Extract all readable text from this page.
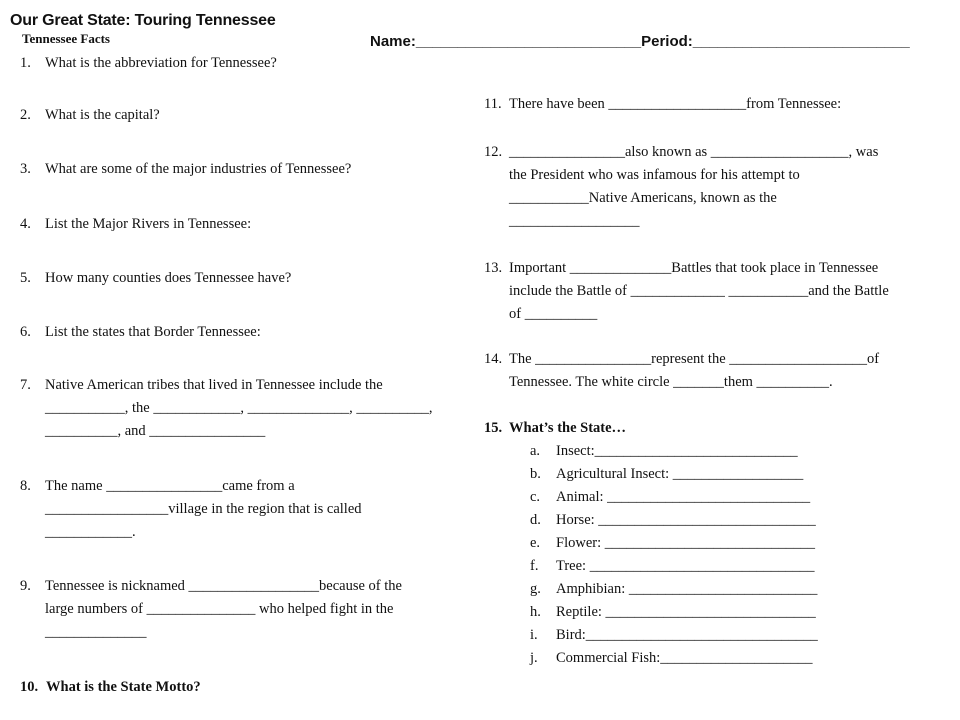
Our Great State: Touring Tennessee
Tennessee Facts	Name:___________________________Period:__________________________
1. What is the abbreviation for Tennessee?
2. What is the capital?
3. What are some of the major industries of Tennessee?
4. List the Major Rivers in Tennessee:
5. How many counties does Tennessee have?
6. List the states that Border Tennessee:
7. Native American tribes that lived in Tennessee include the
___________, the ____________, ______________, __________,
__________, and ________________
8. The name ________________came from a
_________________village in the region that is called
____________.
9. Tennessee is nicknamed __________________because of the
large numbers of _______________ who helped fight in the
______________
10. What is the State Motto?
11. There have been ___________________from Tennessee:
12. ________________also known as ___________________, was
the President who was infamous for his attempt to
___________Native Americans, known as the
__________________
13. Important ______________Battles that took place in Tennessee
include the Battle of _____________ ___________and the Battle
of __________
14. The ________________represent the ___________________of
Tennessee. The white circle _______them __________.
15. What’s the State…
a. Insect:____________________________
b. Agricultural Insect: __________________
c. Animal: ____________________________
d. Horse: ______________________________
e. Flower: _____________________________
f. Tree: _______________________________
g. Amphibian: __________________________
h. Reptile: _____________________________
i. Bird:________________________________
j. Commercial Fish:_____________________
